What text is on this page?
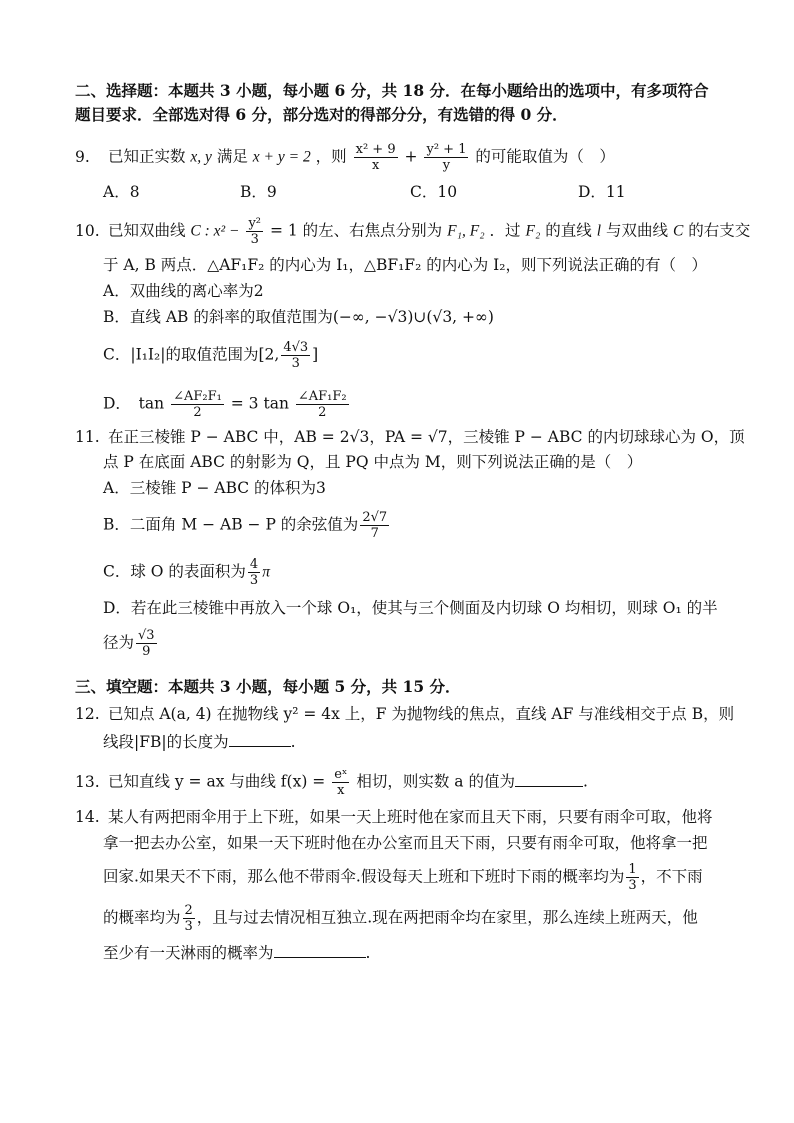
二、选择题：本题共 3 小题，每小题 6 分，共 18 分．在每小题给出的选项中，有多项符合
题目要求．全部选对得 6 分，部分选对的得部分分，有选错的得 0 分．
9. 已知正实数 x, y 满足 x + y = 2 ，则 $\frac{\text{x² + 9}}{x} + \frac{\text{y² + 1}}{y}$ 的可能取值为（　）
A．8	B．9	C．10	D．11
10. 已知双曲线 C : $x^2 - \frac{\text{y²}}{3} = 1$ 的左、右焦点分别为 F₁, F₂ ．过 F₂ 的直线 l 与双曲线 C 的右支交
于 A, B 两点．△AF₁F₂ 的内心为 I₁，△BF₁F₂ 的内心为 I₂，则下列说法正确的有（　）
A．双曲线的离心率为2
B．直线 AB 的斜率的取值范围为(−∞, −√3)∪(√3, +∞)
C．|I₁I₂|的取值范围为[2, $\frac{4√3}{3}$ ]
D．　$\tan \frac{\text{∠AF₂F₁}}{2} = 3$ $\tan \frac{\text{∠AF₁F₂}}{2}$
11. 在正三棱锥 P − ABC 中，AB = 2√3，PA = √7，三棱锥 P − ABC 的内切球球心为 O，顶
点 P 在底面 ABC 的射影为 Q，且 PQ 中点为 M，则下列说法正确的是（　）
A．三棱锥 P − ABC 的体积为3
B．二面角 M − AB − P 的余弦值为 $\frac{2√7}{7}$
C．球 O 的表面积为 $\frac{4}{3}$ π
D．若在此三棱锥中再放入一个球 O₁，使其与三个侧面及内切球 O 均相切，则球 O₁ 的半
径为 $\frac{√3}{9}$
三、填空题：本题共 3 小题，每小题 5 分，共 15 分．
12. 已知点 A(a, 4) 在抛物线 y² = 4x 上，F 为抛物线的焦点，直线 AF 与准线相交于点 B，则
线段|FB|的长度为	.
13. 已知直线 y = ax 与曲线 $f(x) = \frac{\text{eˣ}}{x}$ 相切，则实数 a 的值为	.
14. 某人有两把雨伞用于上下班，如果一天上班时他在家而且天下雨，只要有雨伞可取，他将
拿一把去办公室，如果一天下班时他在办公室而且天下雨，只要有雨伞可取，他将拿一把
回家.如果天不下雨，那么他不带雨伞.假设每天上班和下班时下雨的概率均为 $\frac{1}{3}$ ，不下雨
的概率均为 $\frac{2}{3}$ ，且与过去情况相互独立.现在两把雨伞均在家里，那么连续上班两天，他
至少有一天淋雨的概率为	.
